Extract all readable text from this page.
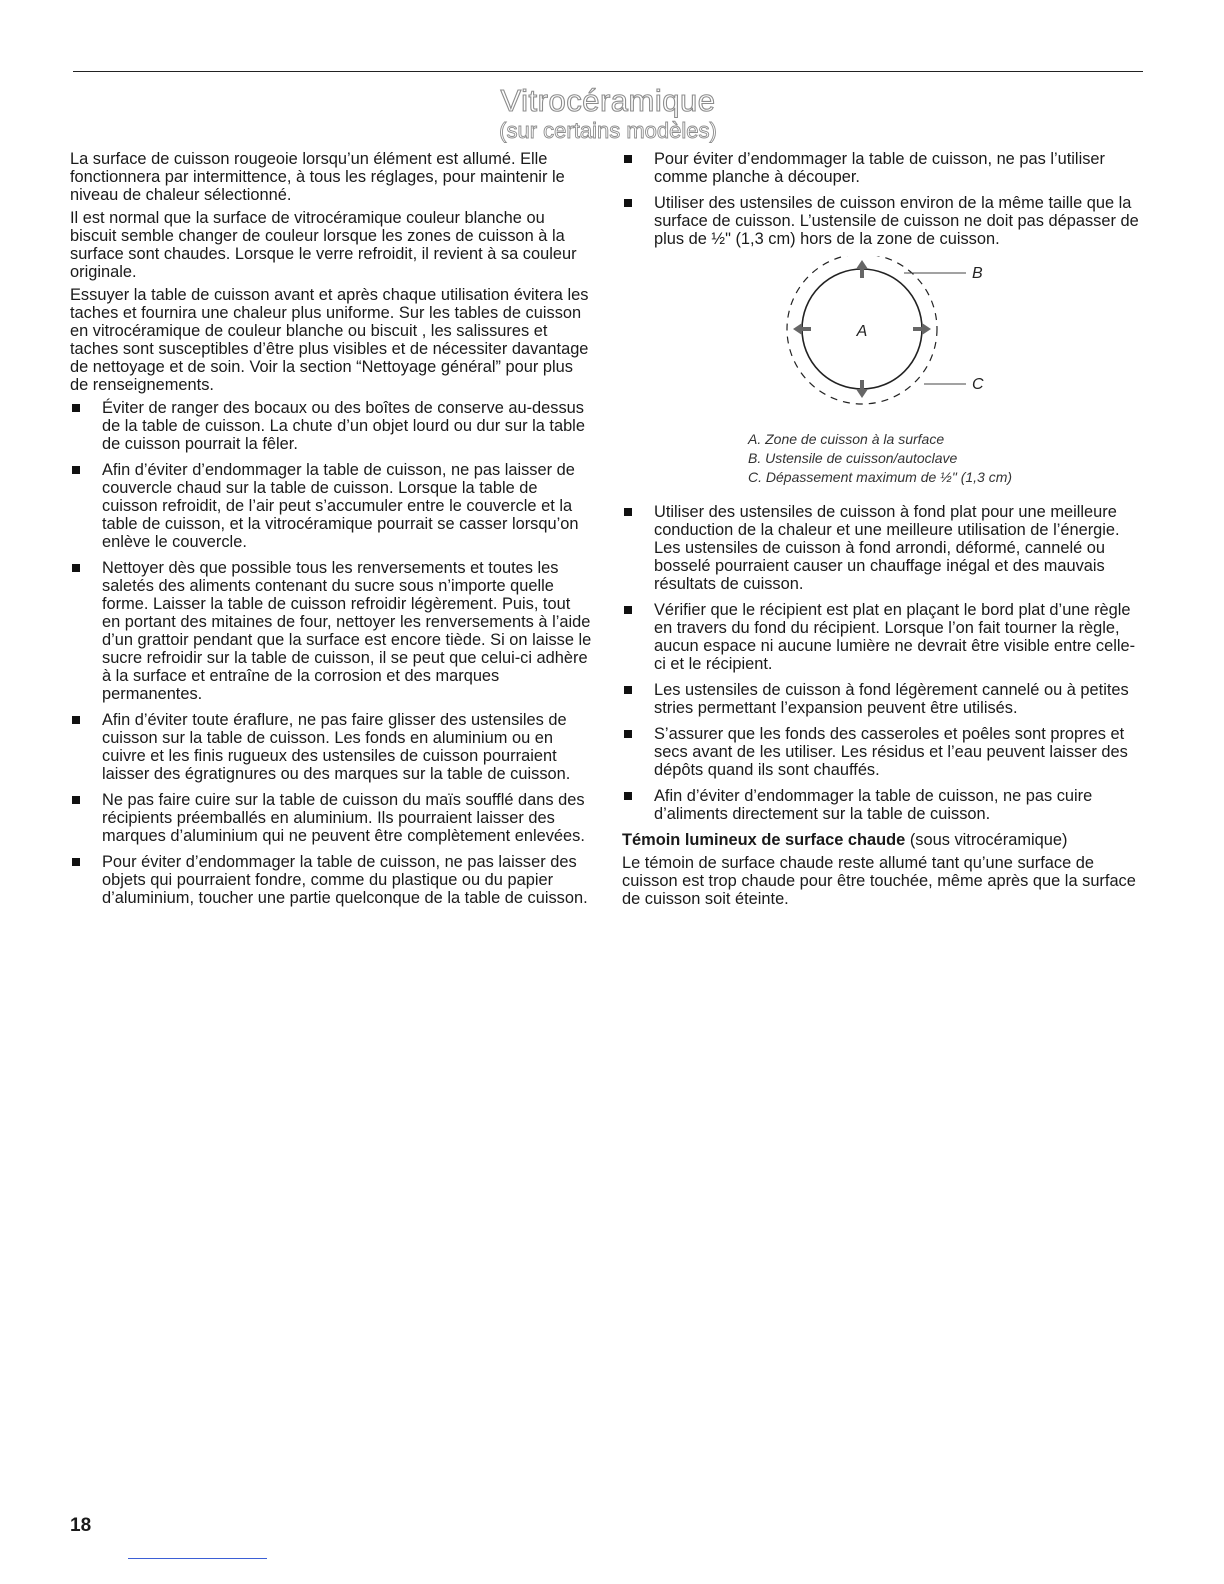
Vitrocéramique
(sur certains modèles)

La surface de cuisson rougeoie lorsqu’un élément est allumé. Elle fonctionnera par intermittence, à tous les réglages, pour maintenir le niveau de chaleur sélectionné.

Il est normal que la surface de vitrocéramique couleur blanche ou biscuit semble changer de couleur lorsque les zones de cuisson à la surface sont chaudes. Lorsque le verre refroidit, il revient à sa couleur originale.

Essuyer la table de cuisson avant et après chaque utilisation évitera les taches et fournira une chaleur plus uniforme. Sur les tables de cuisson en vitrocéramique de couleur blanche ou biscuit , les salissures et taches sont susceptibles d’être plus visibles et de nécessiter davantage de nettoyage et de soin. Voir la section “Nettoyage général” pour plus de renseignements.

Éviter de ranger des bocaux ou des boîtes de conserve au-dessus de la table de cuisson. La chute d’un objet lourd ou dur sur la table de cuisson pourrait la fêler.
Afin d’éviter d’endommager la table de cuisson, ne pas laisser de couvercle chaud sur la table de cuisson. Lorsque la table de cuisson refroidit, de l’air peut s’accumuler entre le couvercle et la table de cuisson, et la vitrocéramique pourrait se casser lorsqu’on enlève le couvercle.
Nettoyer dès que possible tous les renversements et toutes les saletés des aliments contenant du sucre sous n’importe quelle forme. Laisser la table de cuisson refroidir légèrement. Puis, tout en portant des mitaines de four, nettoyer les renversements à l’aide d’un grattoir pendant que la surface est encore tiède. Si on laisse le sucre refroidir sur la table de cuisson, il se peut que celui-ci adhère à la surface et entraîne de la corrosion et des marques permanentes.
Afin d’éviter toute éraflure, ne pas faire glisser des ustensiles de cuisson sur la table de cuisson. Les fonds en aluminium ou en cuivre et les finis rugueux des ustensiles de cuisson pourraient laisser des égratignures ou des marques sur la table de cuisson.
Ne pas faire cuire sur la table de cuisson du maïs soufflé dans des récipients préemballés en aluminium. Ils pourraient laisser des marques d’aluminium qui ne peuvent être complètement enlevées.
Pour éviter d’endommager la table de cuisson, ne pas laisser des objets qui pourraient fondre, comme du plastique ou du papier d’aluminium, toucher une partie quelconque de la table de cuisson.
Pour éviter d’endommager la table de cuisson, ne pas l’utiliser comme planche à découper.
Utiliser des ustensiles de cuisson environ de la même taille que la surface de cuisson. L’ustensile de cuisson ne doit pas dépasser de plus de ½" (1,3 cm) hors de la zone de cuisson.
A
B
C
A. Zone de cuisson à la surface
B. Ustensile de cuisson/autoclave
C. Dépassement maximum de ½" (1,3 cm)
Utiliser des ustensiles de cuisson à fond plat pour une meilleure conduction de la chaleur et une meilleure utilisation de l’énergie. Les ustensiles de cuisson à fond arrondi, déformé, cannelé ou bosselé pourraient causer un chauffage inégal et des mauvais résultats de cuisson.
Vérifier que le récipient est plat en plaçant le bord plat d’une règle en travers du fond du récipient. Lorsque l’on fait tourner la règle, aucun espace ni aucune lumière ne devrait être visible entre celle-ci et le récipient.
Les ustensiles de cuisson à fond légèrement cannelé ou à petites stries permettant l’expansion peuvent être utilisés.
S’assurer que les fonds des casseroles et poêles sont propres et secs avant de les utiliser. Les résidus et l’eau peuvent laisser des dépôts quand ils sont chauffés.
Afin d’éviter d’endommager la table de cuisson, ne pas cuire d’aliments directement sur la table de cuisson.

Témoin lumineux de surface chaude (sous vitrocéramique)

Le témoin de surface chaude reste allumé tant qu’une surface de cuisson est trop chaude pour être touchée, même après que la surface de cuisson soit éteinte.

18
